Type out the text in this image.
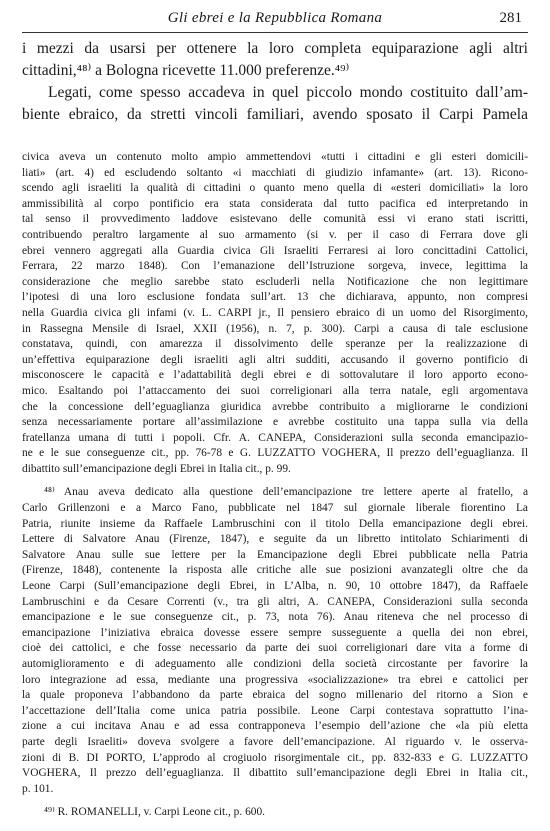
Gli ebrei e la Repubblica Romana	281
i mezzi da usarsi per ottenere la loro completa equiparazione agli altri
cittadini,⁴⁸⁾ a Bologna ricevette 11.000 preferenze.⁴⁹⁾
Legati, come spesso accadeva in quel piccolo mondo costituito dall’am-
biente ebraico, da stretti vincoli familiari, avendo sposato il Carpi Pamela
civica aveva un contenuto molto ampio ammettendovi «tutti i cittadini e gli esteri domicili-
liati» (art. 4) ed escludendo soltanto «i macchiati di giudizio infamante» (art. 13). Ricono-
scendo agli israeliti la qualità di cittadini o quanto meno quella di «esteri domiciliati» la loro
ammissibilità al corpo pontificio era stata considerata dal tutto pacifica ed interpretando in
tal senso il provvedimento laddove esistevano delle comunità essi vi erano stati iscritti,
contribuendo peraltro largamente al suo armamento (si v. per il caso di Ferrara dove gli
ebrei vennero aggregati alla Guardia civica Gli Israeliti Ferraresi ai loro concittadini Cattolici,
Ferrara, 22 marzo 1848). Con l’emanazione dell’Istruzione sorgeva, invece, legittima la
considerazione che meglio sarebbe stato escluderli nella Notificazione che non legittimare
l’ipotesi di una loro esclusione fondata sull’art. 13 che dichiarava, appunto, non compresi
nella Guardia civica gli infami (v. L. CARPI jr., Il pensiero ebraico di un uomo del Risorgimento,
in Rassegna Mensile di Israel, XXII (1956), n. 7, p. 300). Carpi a causa di tale esclusione
constatava, quindi, con amarezza il dissolvimento delle speranze per la realizzazione di
un’effettiva equiparazione degli israeliti agli altri sudditi, accusando il governo pontificio di
misconoscere le capacità e l’adattabilità degli ebrei e di sottovalutare il loro apporto econo-
mico. Esaltando poi l’attaccamento dei suoi correligionari alla terra natale, egli argomentava
che la concessione dell’eguaglianza giuridica avrebbe contribuito a migliorarne le condizioni
senza necessariamente portare all’assimilazione e avrebbe costituito una tappa sulla via della
fratellanza umana di tutti i popoli. Cfr. A. CANEPA, Considerazioni sulla seconda emancipazio-
ne e le sue conseguenze cit., pp. 76-78 e G. LUZZATTO VOGHERA, Il prezzo dell’eguaglianza. Il
dibattito sull’emancipazione degli Ebrei in Italia cit., p. 99.
⁴⁸⁾ Anau aveva dedicato alla questione dell’emancipazione tre lettere aperte al fratello, a
Carlo Grillenzoni e a Marco Fano, pubblicate nel 1847 sul giornale liberale fiorentino La
Patria, riunite insieme da Raffaele Lambruschini con il titolo Della emancipazione degli ebrei.
Lettere di Salvatore Anau (Firenze, 1847), e seguite da un libretto intitolato Schiarimenti di
Salvatore Anau sulle sue lettere per la Emancipazione degli Ebrei pubblicate nella Patria
(Firenze, 1848), contenente la risposta alle critiche alle sue posizioni avanzategli oltre che da
Leone Carpi (Sull’emancipazione degli Ebrei, in L’Alba, n. 90, 10 ottobre 1847), da Raffaele
Lambruschini e da Cesare Correnti (v., tra gli altri, A. CANEPA, Considerazioni sulla seconda
emancipazione e le sue conseguenze cit., p. 73, nota 76). Anau riteneva che nel processo di
emancipazione l’iniziativa ebraica dovesse essere sempre susseguente a quella dei non ebrei,
cioè dei cattolici, e che fosse necessario da parte dei suoi correligionari dare vita a forme di
automiglioramento e di adeguamento alle condizioni della società circostante per favorire la
loro integrazione ad essa, mediante una progressiva «socializzazione» tra ebrei e cattolici per
la quale proponeva l’abbandono da parte ebraica del sogno millenario del ritorno a Sion e
l’accettazione dell’Italia come unica patria possibile. Leone Carpi contestava soprattutto l’ina-
zione a cui incitava Anau e ad essa contrapponeva l’esempio dell’azione che «la più eletta
parte degli Israeliti» doveva svolgere a favore dell’emancipazione. Al riguardo v. le osserva-
zioni di B. DI PORTO, L’approdo al crogiuolo risorgimentale cit., pp. 832-833 e G. LUZZATTO
VOGHERA, Il prezzo dell’eguaglianza. Il dibattito sull’emancipazione degli Ebrei in Italia cit.,
p. 101.
⁴⁹⁾ R. ROMANELLI, v. Carpi Leone cit., p. 600.
